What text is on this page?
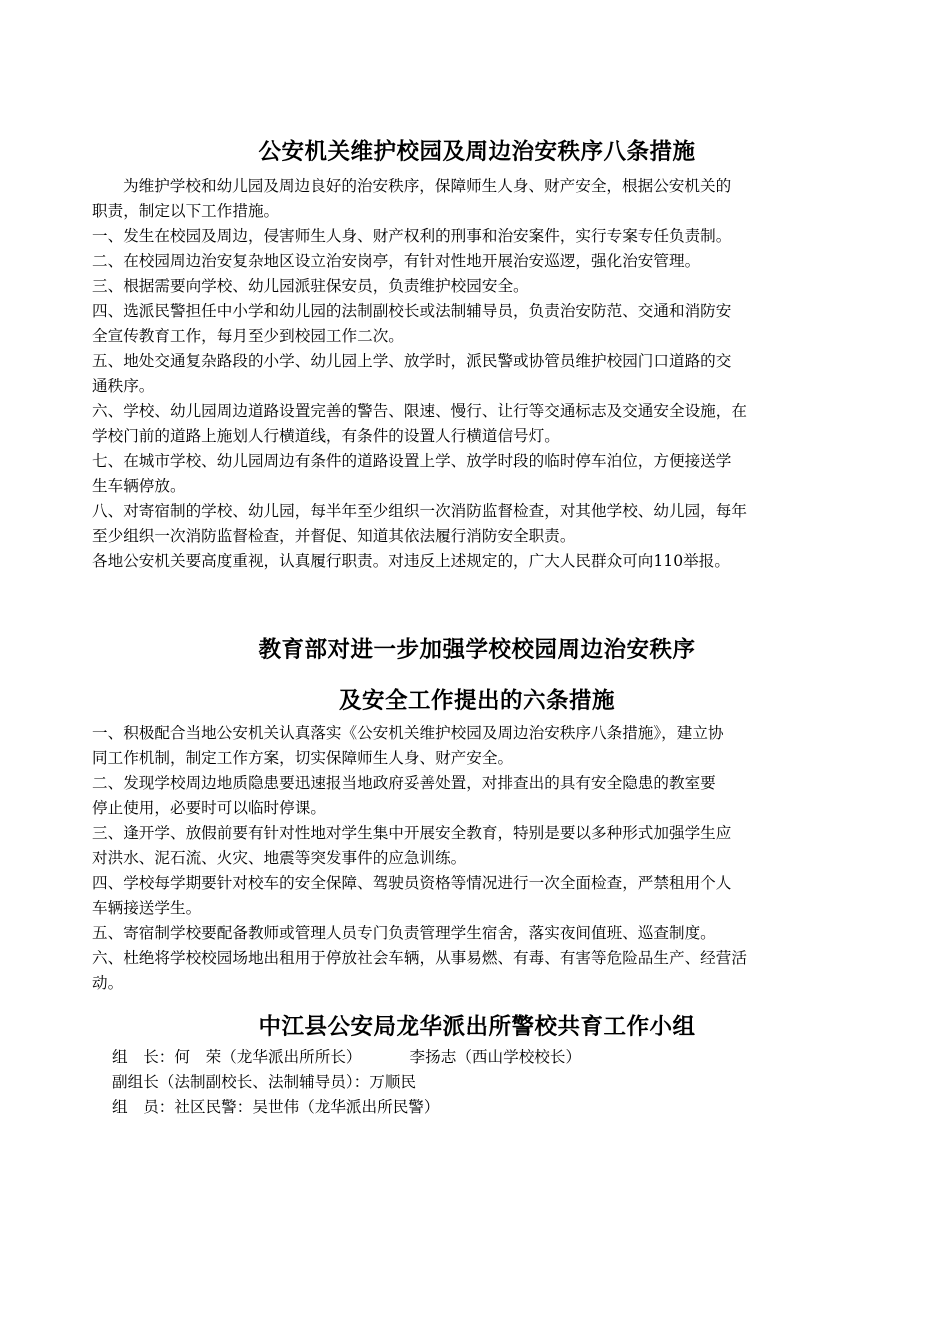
公安机关维护校园及周边治安秩序八条措施

为维护学校和幼儿园及周边良好的治安秩序，保障师生人身、财产安全，根据公安机关的

职责，制定以下工作措施。

一、发生在校园及周边，侵害师生人身、财产权利的刑事和治安案件，实行专案专任负责制。
二、在校园周边治安复杂地区设立治安岗亭，有针对性地开展治安巡逻，强化治安管理。
三、根据需要向学校、幼儿园派驻保安员，负责维护校园安全。
四、选派民警担任中小学和幼儿园的法制副校长或法制辅导员，负责治安防范、交通和消防安
全宣传教育工作，每月至少到校园工作二次。
五、地处交通复杂路段的小学、幼儿园上学、放学时，派民警或协管员维护校园门口道路的交
通秩序。
六、学校、幼儿园周边道路设置完善的警告、限速、慢行、让行等交通标志及交通安全设施，在
学校门前的道路上施划人行横道线，有条件的设置人行横道信号灯。
七、在城市学校、幼儿园周边有条件的道路设置上学、放学时段的临时停车泊位，方便接送学
生车辆停放。
八、对寄宿制的学校、幼儿园，每半年至少组织一次消防监督检查，对其他学校、幼儿园，每年
至少组织一次消防监督检查，并督促、知道其依法履行消防安全职责。

各地公安机关要高度重视，认真履行职责。对违反上述规定的，广大人民群众可向110举报。

教育部对进一步加强学校校园周边治安秩序
及安全工作提出的六条措施
一、积极配合当地公安机关认真落实《公安机关维护校园及周边治安秩序八条措施》，建立协
同工作机制，制定工作方案，切实保障师生人身、财产安全。
二、发现学校周边地质隐患要迅速报当地政府妥善处置，对排查出的具有安全隐患的教室要
停止使用，必要时可以临时停课。
三、逢开学、放假前要有针对性地对学生集中开展安全教育，特别是要以多种形式加强学生应
对洪水、泥石流、火灾、地震等突发事件的应急训练。
四、学校每学期要针对校车的安全保障、驾驶员资格等情况进行一次全面检查，严禁租用个人
车辆接送学生。
五、寄宿制学校要配备教师或管理人员专门负责管理学生宿舍，落实夜间值班、巡查制度。
六、杜绝将学校校园场地出租用于停放社会车辆，从事易燃、有毒、有害等危险品生产、经营活
动。
中江县公安局龙华派出所警校共育工作小组

组　长：何　荣（龙华派出所所长）	李扬志（西山学校校长）

副组长（法制副校长、法制辅导员）：万顺民

组　员：社区民警：吴世伟（龙华派出所民警）
